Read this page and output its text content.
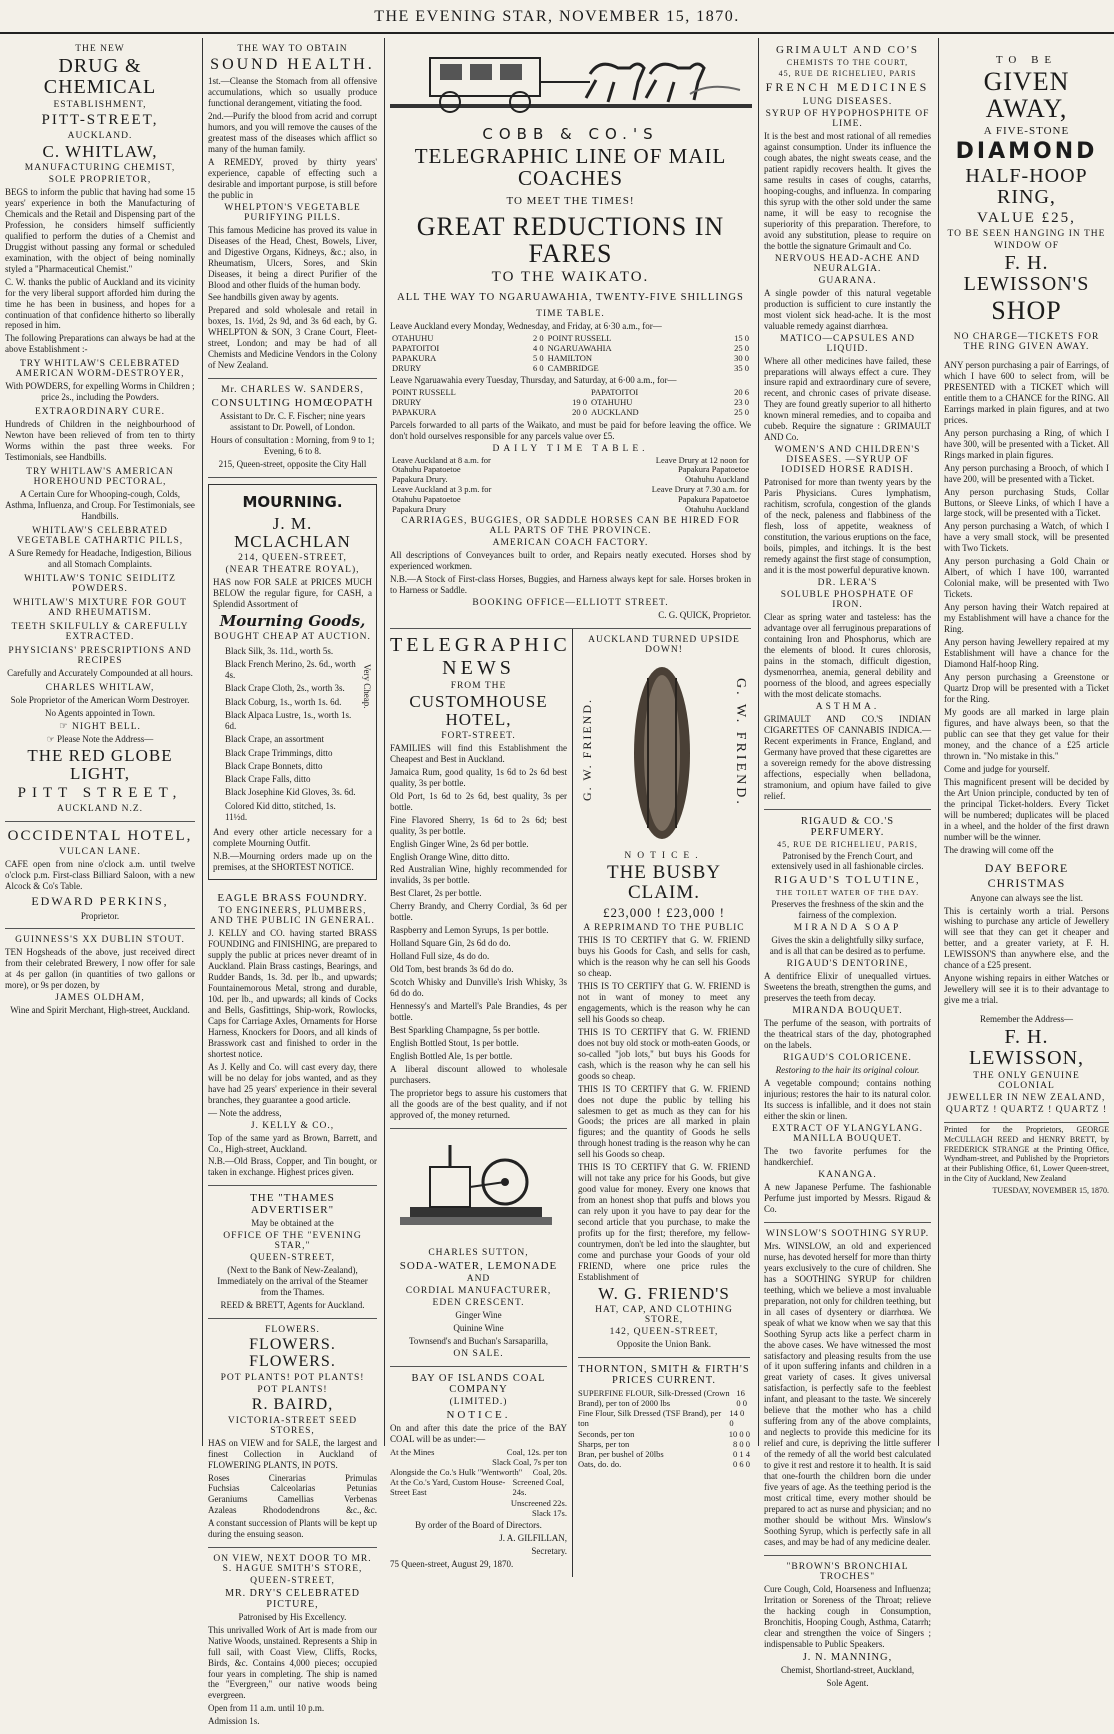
THE EVENING STAR, NOVEMBER 15, 1870.
THE NEW
DRUG & CHEMICAL
ESTABLISHMENT,
PITT-STREET,
AUCKLAND.
C. WHITLAW,
MANUFACTURING CHEMIST,
SOLE PROPRIETOR,
BEGS to inform the public that having had some 15 years' experience in both the Manufacturing of Chemicals and the Retail and Dispensing part of the Profession, he considers himself sufficiently qualified to perform the duties of a Chemist and Druggist without passing any formal or scheduled examination, with the object of being nominally styled a "Pharmaceutical Chemist."
C. W. thanks the public of Auckland and its vicinity for the very liberal support afforded him during the time he has been in business, and hopes for a continuation of that confidence hitherto so liberally reposed in him.
The following Preparations can always be had at the above Establishment :-
TRY WHITLAW'S CELEBRATED AMERICAN WORM-DESTROYER,
With POWDERS, for expelling Worms in Children ; price 2s., including the Powders.
EXTRAORDINARY CURE.
Hundreds of Children in the neighbourhood of Newton have been relieved of from ten to thirty Worms within the past three weeks. For Testimonials, see Handbills.
TRY WHITLAW'S AMERICAN HOREHOUND PECTORAL,
A Certain Cure for Whooping-cough, Colds, Asthma, Influenza, and Croup. For Testimonials, see Handbills.
WHITLAW'S CELEBRATED VEGETABLE CATHARTIC PILLS,
A Sure Remedy for Headache, Indigestion, Bilious and all Stomach Complaints.
WHITLAW'S TONIC SEIDLITZ POWDERS.
WHITLAW'S MIXTURE FOR GOUT AND RHEUMATISM.
TEETH SKILFULLY & CAREFULLY EXTRACTED.
PHYSICIANS' PRESCRIPTIONS AND RECIPES
Carefully and Accurately Compounded at all hours.
CHARLES WHITLAW,
Sole Proprietor of the American Worm Destroyer.
No Agents appointed in Town.
☞ NIGHT BELL.
☞ Please Note the Address—
THE RED GLOBE LIGHT,
PITT STREET,
AUCKLAND N.Z.
OCCIDENTAL HOTEL,
VULCAN LANE.
CAFE open from nine o'clock a.m. until twelve o'clock p.m. First-class Billiard Saloon, with a new Alcock & Co's Table.
EDWARD PERKINS,
Proprietor.
GUINNESS'S XX DUBLIN STOUT.
TEN Hogsheads of the above, just received direct from their celebrated Brewery, I now offer for sale at 4s per gallon (in quantities of two gallons or more), or 9s per dozen, by
JAMES OLDHAM,
Wine and Spirit Merchant, High-street, Auckland.
THE WAY TO OBTAIN
SOUND HEALTH.
1st.—Cleanse the Stomach from all offensive accumulations, which so usually produce functional derangement, vitiating the food.
2nd.—Purify the blood from acrid and corrupt humors, and you will remove the causes of the greatest mass of the diseases which afflict so many of the human family.
A REMEDY, proved by thirty years' experience, capable of effecting such a desirable and important purpose, is still before the public in
WHELPTON'S VEGETABLE PURIFYING PILLS.
This famous Medicine has proved its value in Diseases of the Head, Chest, Bowels, Liver, and Digestive Organs, Kidneys, &c.; also, in Rheumatism, Ulcers, Sores, and Skin Diseases, it being a direct Purifier of the Blood and other fluids of the human body.
See handbills given away by agents.
Prepared and sold wholesale and retail in boxes, 1s. 1½d, 2s 9d, and 3s 6d each, by G. WHELPTON & SON, 3 Crane Court, Fleet-street, London; and may be had of all Chemists and Medicine Vendors in the Colony of New Zealand.
Mr. CHARLES W. SANDERS,
CONSULTING HOMŒOPATH
Assistant to Dr. C. F. Fischer; nine years assistant to Dr. Powell, of London.
Hours of consultation : Morning, from 9 to 1; Evening, 6 to 8.
215, Queen-street, opposite the City Hall
MOURNING.
J. M. MCLACHLAN
214, QUEEN-STREET,
(NEAR THEATRE ROYAL),
HAS now FOR SALE at PRICES MUCH BELOW the regular figure, for CASH, a Splendid Assortment of
Mourning Goods,
BOUGHT CHEAP AT AUCTION.
Black Silk, 3s. 11d., worth 5s.
Black French Merino, 2s. 6d., worth 4s.
Black Crape Cloth, 2s., worth 3s.
Black Coburg, 1s., worth 1s. 6d.
Black Alpaca Lustre, 1s., worth 1s. 6d.
Black Crape, an assortment
Black Crape Trimmings, ditto
Black Crape Bonnets, ditto
Black Crape Falls, ditto
Black Josephine Kid Gloves, 3s. 6d.
Colored Kid ditto, stitched, 1s. 11½d.
Very Cheap.
And every other article necessary for a complete Mourning Outfit.
N.B.—Mourning orders made up on the premises, at the SHORTEST NOTICE.
EAGLE BRASS FOUNDRY.
TO ENGINEERS, PLUMBERS, AND THE PUBLIC IN GENERAL.
J. KELLY and CO. having started BRASS FOUNDING and FINISHING, are prepared to supply the public at prices never dreamt of in Auckland. Plain Brass castings, Bearings, and Rudder Bands, 1s. 3d. per lb., and upwards; Fountainemorous Metal, strong and durable, 10d. per lb., and upwards; all kinds of Cocks and Bells, Gasfittings, Ship-work, Rowlocks, Caps for Carriage Axles, Ornaments for Horse Harness, Knockers for Doors, and all kinds of Brasswork cast and finished to order in the shortest notice.
As J. Kelly and Co. will cast every day, there will be no delay for jobs wanted, and as they have had 25 years' experience in their several branches, they guarantee a good article.
— Note the address,
J. KELLY & CO.,
Top of the same yard as Brown, Barrett, and Co., High-street, Auckland.
N.B.—Old Brass, Copper, and Tin bought, or taken in exchange. Highest prices given.
THE "THAMES ADVERTISER"
May be obtained at the
OFFICE OF THE "EVENING STAR,"
QUEEN-STREET,
(Next to the Bank of New-Zealand), Immediately on the arrival of the Steamer from the Thames.
REED & BRETT, Agents for Auckland.
FLOWERS.
FLOWERS. FLOWERS.
POT PLANTS! POT PLANTS!
POT PLANTS!
R. BAIRD,
VICTORIA-STREET SEED STORES,
HAS on VIEW and for SALE, the largest and finest Collection in Auckland of FLOWERING PLANTS, IN POTS.
Roses	Cinerarias	Primulas
Fuchsias	Calceolarias	Petunias
Geraniums	Camellias	Verbenas
Azaleas	Rhododendrons	&c., &c.
A constant succession of Plants will be kept up during the ensuing season.
ON VIEW, NEXT DOOR TO MR. S. HAGUE SMITH'S STORE,
QUEEN-STREET,
MR. DRY'S CELEBRATED PICTURE,
Patronised by His Excellency.
This unrivalled Work of Art is made from our Native Woods, unstained. Represents a Ship in full sail, with Coast View, Cliffs, Rocks, Birds, &c. Contains 4,000 pieces; occupied four years in completing. The ship is named the "Evergreen," our native woods being evergreen.
Open from 11 a.m. until 10 p.m.
Admission 1s.
COBB & CO.'S
TELEGRAPHIC LINE OF MAIL COACHES
TO MEET THE TIMES!
GREAT REDUCTIONS IN FARES
TO THE WAIKATO.
ALL THE WAY TO NGARUAWAHIA, TWENTY-FIVE SHILLINGS
TIME TABLE.
Leave Auckland every Monday, Wednesday, and Friday, at 6·30 a.m., for—
OTAHUHU	2 0	POINT RUSSELL	15 0
PAPATOITOI	4 0	NGARUAWAHIA	25 0
PAPAKURA	5 0	HAMILTON	30 0
DRURY	6 0	CAMBRIDGE	35 0
Leave Ngaruawahia every Tuesday, Thursday, and Saturday, at 6·00 a.m., for—
POINT RUSSELL		PAPATOITOI	20 6
DRURY	19 0	OTAHUHU	23 0
PAPAKURA	20 0	AUCKLAND	25 0
Parcels forwarded to all parts of the Waikato, and must be paid for before leaving the office. We don't hold ourselves responsible for any parcels value over £5.
DAILY TIME TABLE.
Leave Auckland at 8 a.m. for	Leave Drury at 12 noon for
Otahuhu Papatoetoe	Papakura Papatoetoe
Papakura Drury.	Otahuhu Auckland
Leave Auckland at 3 p.m. for	Leave Drury at 7.30 a.m. for
Otahuhu Papatoetoe	Papakura Papatoetoe
Papakura Drury	Otahuhu Auckland
CARRIAGES, BUGGIES, OR SADDLE HORSES CAN BE HIRED FOR ALL PARTS OF THE PROVINCE.
AMERICAN COACH FACTORY.
All descriptions of Conveyances built to order, and Repairs neatly executed. Horses shod by experienced workmen.
N.B.—A Stock of First-class Horses, Buggies, and Harness always kept for sale. Horses broken in to Harness or Saddle.
BOOKING OFFICE—ELLIOTT STREET.
C. G. QUICK, Proprietor.
TELEGRAPHIC
NEWS
FROM THE
CUSTOMHOUSE HOTEL,
FORT-STREET.
FAMILIES will find this Establishment the Cheapest and Best in Auckland.
Jamaica Rum, good quality, 1s 6d to 2s 6d best quality, 3s per bottle.
Old Port, 1s 6d to 2s 6d, best quality, 3s per bottle.
Fine Flavored Sherry, 1s 6d to 2s 6d; best quality, 3s per bottle.
English Ginger Wine, 2s 6d per bottle.
English Orange Wine, ditto ditto.
Red Australian Wine, highly recommended for invalids, 3s per bottle.
Best Claret, 2s per bottle.
Cherry Brandy, and Cherry Cordial, 3s 6d per bottle.
Raspberry and Lemon Syrups, 1s per bottle.
Holland Square Gin, 2s 6d do do.
Holland Full size, 4s do do.
Old Tom, best brands 3s 6d do do.
Scotch Whisky and Dunville's Irish Whisky, 3s 6d do do.
Hennessy's and Martell's Pale Brandies, 4s per bottle.
Best Sparkling Champagne, 5s per bottle.
English Bottled Stout, 1s per bottle.
English Bottled Ale, 1s per bottle.
A liberal discount allowed to wholesale purchasers.
The proprietor begs to assure his customers that all the goods are of the best quality, and if not approved of, the money returned.
CHARLES SUTTON,
SODA-WATER, LEMONADE
AND
CORDIAL MANUFACTURER,
EDEN CRESCENT.
Ginger Wine
Quinine Wine
Townsend's and Buchan's Sarsaparilla,
ON SALE.
BAY OF ISLANDS COAL COMPANY
(LIMITED.)
NOTICE.
On and after this date the price of the BAY COAL will be as under:—
At the Mines	Coal, 12s. per ton
Slack Coal, 7s per ton
Alongside the Co.'s Hulk "Wentworth" Coal, 20s.
At the Co.'s Yard, Custom House-Street East
Screened Coal, 24s.
Unscreened 22s.
Slack 17s.
By order of the Board of Directors.
J. A. GILFILLAN,
Secretary.
75 Queen-street, August 29, 1870.
AUCKLAND TURNED UPSIDE DOWN!
G. W. FRIEND.	G. W. FRIEND.
NOTICE.
THE BUSBY CLAIM.
£23,000 ! £23,000 !
A REPRIMAND TO THE PUBLIC
THIS IS TO CERTIFY that G. W. FRIEND buys his Goods for Cash, and sells for cash, which is the reason why he can sell his Goods so cheap.
THIS IS TO CERTIFY that G. W. FRIEND is not in want of money to meet any engagements, which is the reason why he can sell his Goods so cheap.
THIS IS TO CERTIFY that G. W. FRIEND does not buy old stock or moth-eaten Goods, or so-called "job lots," but buys his Goods for cash, which is the reason why he can sell his goods so cheap.
THIS IS TO CERTIFY that G. W. FRIEND does not dupe the public by telling his salesmen to get as much as they can for his Goods; the prices are all marked in plain figures; and the quantity of Goods he sells through honest trading is the reason why he can sell his Goods so cheap.
THIS IS TO CERTIFY that G. W. FRIEND will not take any price for his Goods, but give good value for money. Every one knows that from an honest shop that puffs and blows you can rely upon it you have to pay dear for the second article that you purchase, to make the profits up for the first; therefore, my fellow-countrymen, don't be led into the slaughter, but come and purchase your Goods of your old FRIEND, where one price rules the Establishment of
W. G. FRIEND'S
HAT, CAP, AND CLOTHING STORE,
142, QUEEN-STREET,
Opposite the Union Bank.
THORNTON, SMITH & FIRTH'S PRICES CURRENT.
SUPERFINE FLOUR, Silk-Dressed (Crown Brand), per ton of 2000 lbs
16 0 0
Fine Flour, Silk Dressed (TSF Brand), per ton
14 0 0
Seconds, per ton	10 0 0
Sharps, per ton	8 0 0
Bran, per bushel of 20lbs	0 1 4
Oats, do. do.	0 6 0
GRIMAULT AND CO'S
CHEMISTS TO THE COURT,
45, RUE DE RICHELIEU, PARIS
FRENCH MEDICINES
LUNG DISEASES.
SYRUP OF HYPOPHOSPHITE OF LIME.
It is the best and most rational of all remedies against consumption. Under its influence the cough abates, the night sweats cease, and the patient rapidly recovers health. It gives the same results in cases of coughs, catarrhs, hooping-coughs, and influenza. In comparing this syrup with the other sold under the same name, it will be easy to recognise the superiority of this preparation. Therefore, to avoid any substitution, please to require on the bottle the signature Grimault and Co.
NERVOUS HEAD-ACHE AND NEURALGIA.
GUARANA.
A single powder of this natural vegetable production is sufficient to cure instantly the most violent sick head-ache. It is the most valuable remedy against diarrhœa.
MATICO—CAPSULES AND LIQUID.
Where all other medicines have failed, these preparations will always effect a cure. They insure rapid and extraordinary cure of severe, recent, and chronic cases of private disease. They are found greatly superior to all hitherto known mineral remedies, and to copaiba and cubeb. Require the signature : GRIMAULT AND Co.
WOMEN'S AND CHILDREN'S DISEASES. —SYRUP OF IODISED HORSE RADISH.
Patronised for more than twenty years by the Paris Physicians. Cures lymphatism, rachitism, scrofula, congestion of the glands of the neck, paleness and flabbiness of the flesh, loss of appetite, weakness of constitution, the various eruptions on the face, boils, pimples, and itchings. It is the best remedy against the first stage of consumption, and it is the most powerful depurative known.
DR. LERA'S
SOLUBLE PHOSPHATE OF IRON.
Clear as spring water and tasteless: has the advantage over all ferruginous preparations of containing Iron and Phosphorus, which are the elements of blood. It cures chlorosis, pains in the stomach, difficult digestion, dysmenorrhea, anemia, general debility and poorness of the blood, and agrees especially with the most delicate stomachs.
ASTHMA.
GRIMAULT AND CO.'S INDIAN CIGARETTES OF CANNABIS INDICA.—Recent experiments in France, England, and Germany have proved that these cigarettes are a sovereign remedy for the above distressing affections, especially when belladona, stramonium, and opium have failed to give relief.
RIGAUD & CO.'S PERFUMERY.
45, RUE DE RICHELIEU, PARIS,
Patronised by the French Court, and extensively used in all fashionable circles.
RIGAUD'S TOLUTINE,
THE TOILET WATER OF THE DAY.
Preserves the freshness of the skin and the fairness of the complexion.
MIRANDA SOAP
Gives the skin a delightfully silky surface, and is all that can be desired as to perfume.
RIGAUD'S DENTORINE,
A dentifrice Elixir of unequalled virtues. Sweetens the breath, strengthen the gums, and preserves the teeth from decay.
MIRANDA BOUQUET.
The perfume of the season, with portraits of the theatrical stars of the day, photographed on the labels.
RIGAUD'S COLORICENE.
Restoring to the hair its original colour.
A vegetable compound; contains nothing injurious; restores the hair to its natural color. Its success is infallible, and it does not stain either the skin or linen.
EXTRACT OF YLANGYLANG. MANILLA BOUQUET.
The two favorite perfumes for the handkerchief.
KANANGA.
A new Japanese Perfume. The fashionable Perfume just imported by Messrs. Rigaud & Co.
WINSLOW'S SOOTHING SYRUP.
Mrs. WINSLOW, an old and experienced nurse, has devoted herself for more than thirty years exclusively to the cure of children. She has a SOOTHING SYRUP for children teething, which we believe a most invaluable preparation, not only for children teething, but in all cases of dysentery or diarrhœa. We speak of what we know when we say that this Soothing Syrup acts like a perfect charm in the above cases. We have witnessed the most satisfactory and pleasing results from the use of it upon suffering infants and children in a great variety of cases. It gives universal satisfaction, is perfectly safe to the feeblest infant, and pleasant to the taste. We sincerely believe that the mother who has a child suffering from any of the above complaints, and neglects to provide this medicine for its relief and cure, is depriving the little sufferer of the remedy of all the world best calculated to give it rest and restore it to health. It is said that one-fourth the children born die under five years of age. As the teething period is the most critical time, every mother should be prepared to act as nurse and physician; and no mother should be without Mrs. Winslow's Soothing Syrup, which is perfectly safe in all cases, and may be had of any medicine dealer.
"BROWN'S BRONCHIAL TROCHES"
Cure Cough, Cold, Hoarseness and Influenza; Irritation or Soreness of the Throat; relieve the hacking cough in Consumption, Bronchitis, Hooping Cough, Asthma, Catarrh; clear and strengthen the voice of Singers ; indispensable to Public Speakers.
J. N. MANNING,
Chemist, Shortland-street, Auckland,
Sole Agent.
TO BE
GIVEN AWAY,
A FIVE-STONE
DIAMOND
HALF-HOOP RING,
VALUE £25,
TO BE SEEN HANGING IN THE
WINDOW OF
F. H. LEWISSON'S
SHOP
NO CHARGE—TICKETS FOR THE RING GIVEN AWAY.
ANY person purchasing a pair of Earrings, of which I have 600 to select from, will be PRESENTED with a TICKET which will entitle them to a CHANCE for the RING. All Earrings marked in plain figures, and at two prices.
Any person purchasing a Ring, of which I have 300, will be presented with a Ticket. All Rings marked in plain figures.
Any person purchasing a Brooch, of which I have 200, will be presented with a Ticket.
Any person purchasing Studs, Collar Buttons, or Sleeve Links, of which I have a large stock, will be presented with a Ticket.
Any person purchasing a Watch, of which I have a very small stock, will be presented with Two Tickets.
Any person purchasing a Gold Chain or Albert, of which I have 100, warranted Colonial make, will be presented with Two Tickets.
Any person having their Watch repaired at my Establishment will have a chance for the Ring.
Any person having Jewellery repaired at my Establishment will have a chance for the Diamond Half-hoop Ring.
Any person purchasing a Greenstone or Quartz Drop will be presented with a Ticket for the Ring.
My goods are all marked in large plain figures, and have always been, so that the public can see that they get value for their money, and the chance of a £25 article thrown in. "No mistake in this."
Come and judge for yourself.
This magnificent present will be decided by the Art Union principle, conducted by ten of the principal Ticket-holders. Every Ticket will be numbered; duplicates will be placed in a wheel, and the holder of the first drawn number will be the winner.
The drawing will come off the
DAY BEFORE CHRISTMAS
Anyone can always see the list.
This is certainly worth a trial. Persons wishing to purchase any article of Jewellery will see that they can get it cheaper and better, and a greater variety, at F. H. LEWISSON'S than anywhere else, and the chance of a £25 present.
Anyone wishing repairs in either Watches or Jewellery will see it is to their advantage to give me a trial.
Remember the Address—
F. H. LEWISSON,
THE ONLY GENUINE COLONIAL
JEWELLER IN NEW ZEALAND,
QUARTZ ! QUARTZ ! QUARTZ !
Printed for the Proprietors, GEORGE McCULLAGH REED and HENRY BRETT, by FREDERICK STRANGE at the Printing Office, Wyndham-street, and Published by the Proprietors at their Publishing Office, 61, Lower Queen-street, in the City of Auckland, New Zealand
TUESDAY, NOVEMBER 15, 1870.
